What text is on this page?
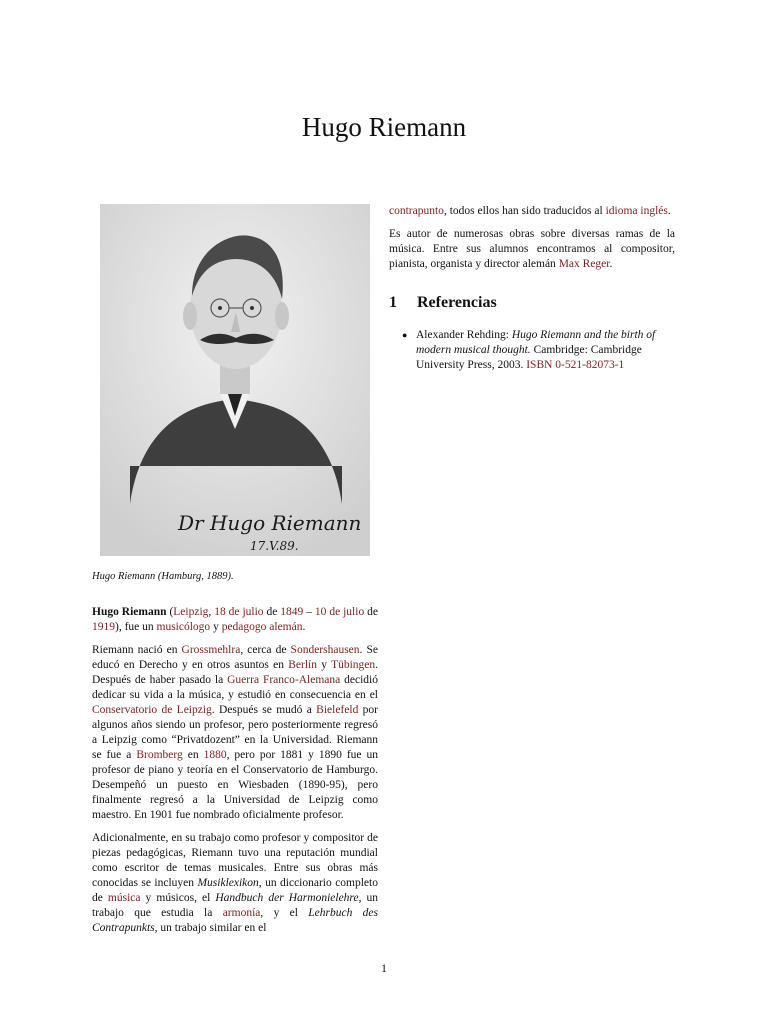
Hugo Riemann
Dr Hugo Riemann
17.V.89.
Hugo Riemann (Hamburg, 1889).

Hugo Riemann (Leipzig, 18 de julio de 1849 – 10 de julio de 1919), fue un musicólogo y pedagogo alemán.

Riemann nació en Grossmehlra, cerca de Sondershausen. Se educó en Derecho y en otros asuntos en Berlín y Tübingen. Después de haber pasado la Guerra Franco-Alemana decidió dedicar su vida a la música, y estudió en consecuencia en el Conservatorio de Leipzig. Después se mudó a Bielefeld por algunos años siendo un profesor, pero posteriormente regresó a Leipzig como “Privatdozent” en la Universidad. Riemann se fue a Bromberg en 1880, pero por 1881 y 1890 fue un profesor de piano y teoría en el Conservatorio de Hamburgo. Desempeñó un puesto en Wiesbaden (1890-95), pero finalmente regresó a la Universidad de Leipzig como maestro. En 1901 fue nombrado oficialmente profesor.

Adicionalmente, en su trabajo como profesor y compositor de piezas pedagógicas, Riemann tuvo una reputación mundial como escritor de temas musicales. Entre sus obras más conocidas se incluyen Musiklexikon, un diccionario completo de música y músicos, el Handbuch der Harmonielehre, un trabajo que estudia la armonía, y el Lehrbuch des Contrapunkts, un trabajo similar en el

contrapunto, todos ellos han sido traducidos al idioma inglés.

Es autor de numerosas obras sobre diversas ramas de la música. Entre sus alumnos encontramos al compositor, pianista, organista y director alemán Max Reger.

1 Referencias
● Alexander Rehding: Hugo Riemann and the birth of modern musical thought. Cambridge: Cambridge University Press, 2003. ISBN 0-521-82073-1
1
